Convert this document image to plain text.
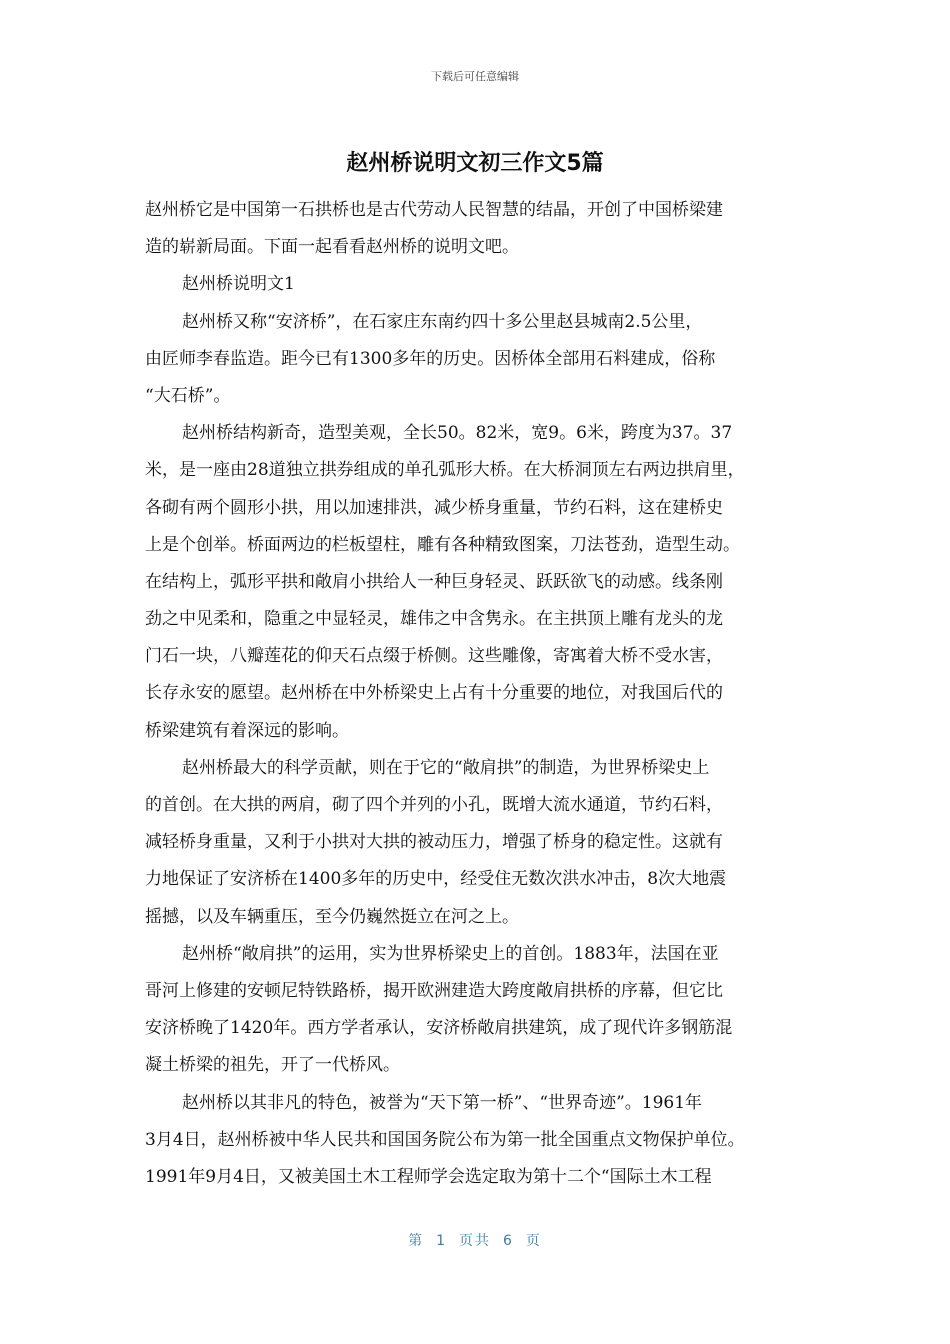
下载后可任意编辑
赵州桥说明文初三作文5篇
赵州桥它是中国第一石拱桥也是古代劳动人民智慧的结晶，开创了中国桥梁建
造的崭新局面。下面一起看看赵州桥的说明文吧。
赵州桥说明文1
赵州桥又称“安济桥”，在石家庄东南约四十多公里赵县城南2.5公里，
由匠师李春监造。距今已有1300多年的历史。因桥体全部用石料建成，俗称
“大石桥”。
赵州桥结构新奇，造型美观，全长50。82米，宽9。6米，跨度为37。37
米，是一座由28道独立拱券组成的单孔弧形大桥。在大桥洞顶左右两边拱肩里，
各砌有两个圆形小拱，用以加速排洪，减少桥身重量，节约石料，这在建桥史
上是个创举。桥面两边的栏板望柱，雕有各种精致图案，刀法苍劲，造型生动。
在结构上，弧形平拱和敞肩小拱给人一种巨身轻灵、跃跃欲飞的动感。线条刚
劲之中见柔和，隐重之中显轻灵，雄伟之中含隽永。在主拱顶上雕有龙头的龙
门石一块，八瓣莲花的仰天石点缀于桥侧。这些雕像，寄寓着大桥不受水害，
长存永安的愿望。赵州桥在中外桥梁史上占有十分重要的地位，对我国后代的
桥梁建筑有着深远的影响。
赵州桥最大的科学贡献，则在于它的“敞肩拱”的制造，为世界桥梁史上
的首创。在大拱的两肩，砌了四个并列的小孔，既增大流水通道，节约石料，
减轻桥身重量，又利于小拱对大拱的被动压力，增强了桥身的稳定性。这就有
力地保证了安济桥在1400多年的历史中，经受住无数次洪水冲击，8次大地震
摇撼，以及车辆重压，至今仍巍然挺立在河之上。
赵州桥“敞肩拱”的运用，实为世界桥梁史上的首创。1883年，法国在亚
哥河上修建的安顿尼特铁路桥，揭开欧洲建造大跨度敞肩拱桥的序幕，但它比
安济桥晚了1420年。西方学者承认，安济桥敞肩拱建筑，成了现代许多钢筋混
凝土桥梁的祖先，开了一代桥风。
赵州桥以其非凡的特色，被誉为“天下第一桥”、“世界奇迹”。1961年
3月4日，赵州桥被中华人民共和国国务院公布为第一批全国重点文物保护单位。
1991年9月4日，又被美国土木工程师学会选定取为第十二个“国际土木工程
第 1 页共 6 页
